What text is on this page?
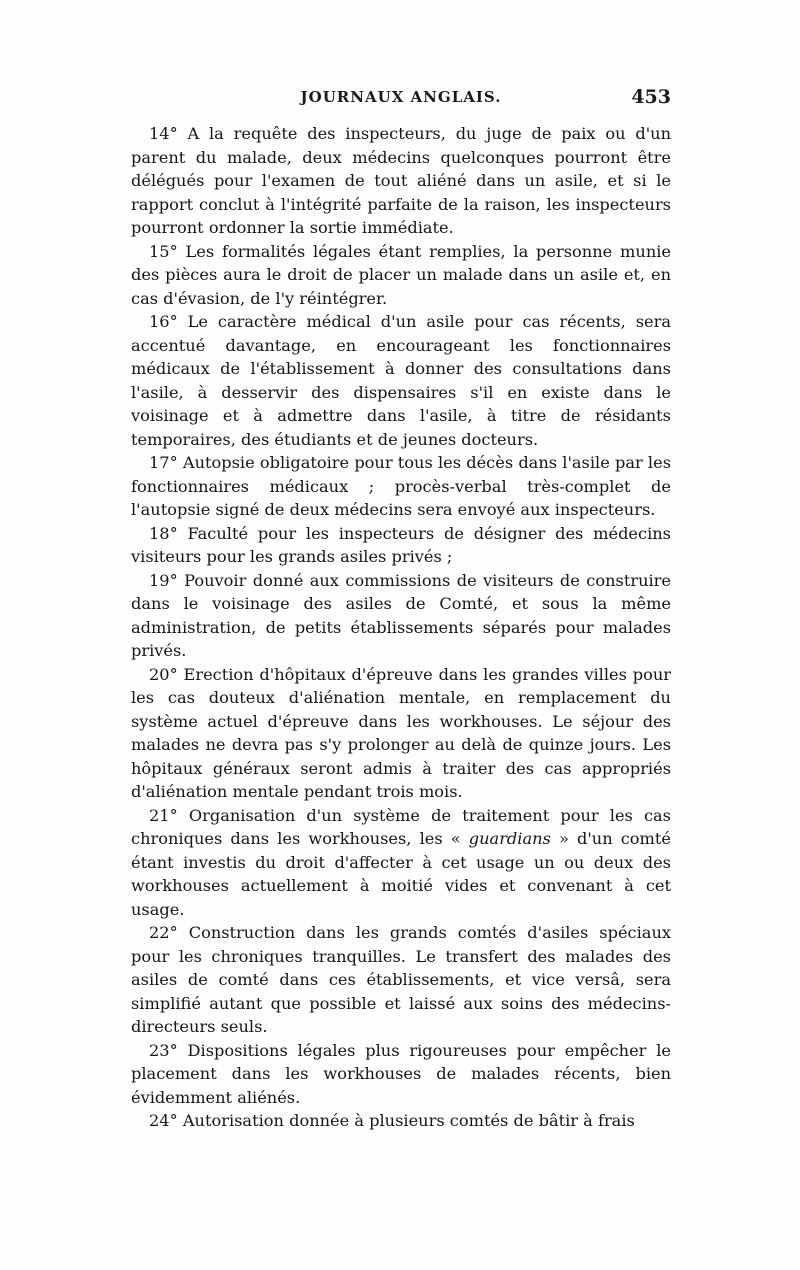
JOURNAUX ANGLAIS.	453

14° A la requête des inspecteurs, du juge de paix ou d'un parent du malade, deux médecins quelconques pourront être délégués pour l'examen de tout aliéné dans un asile, et si le rapport conclut à l'intégrité parfaite de la raison, les inspecteurs pourront ordonner la sortie immédiate.

15° Les formalités légales étant remplies, la personne munie des pièces aura le droit de placer un malade dans un asile et, en cas d'évasion, de l'y réintégrer.

16° Le caractère médical d'un asile pour cas récents, sera accentué davantage, en encourageant les fonctionnaires médicaux de l'établissement à donner des consultations dans l'asile, à desservir des dispensaires s'il en existe dans le voisinage et à admettre dans l'asile, à titre de résidants temporaires, des étudiants et de jeunes docteurs.

17° Autopsie obligatoire pour tous les décès dans l'asile par les fonctionnaires médicaux ; procès-verbal très-complet de l'autopsie signé de deux médecins sera envoyé aux inspecteurs.

18° Faculté pour les inspecteurs de désigner des médecins visiteurs pour les grands asiles privés ;

19° Pouvoir donné aux commissions de visiteurs de construire dans le voisinage des asiles de Comté, et sous la même administration, de petits établissements séparés pour malades privés.

20° Erection d'hôpitaux d'épreuve dans les grandes villes pour les cas douteux d'aliénation mentale, en remplacement du système actuel d'épreuve dans les workhouses. Le séjour des malades ne devra pas s'y prolonger au delà de quinze jours. Les hôpitaux généraux seront admis à traiter des cas appropriés d'aliénation mentale pendant trois mois.

21° Organisation d'un système de traitement pour les cas chroniques dans les workhouses, les « guardians » d'un comté étant investis du droit d'affecter à cet usage un ou deux des workhouses actuellement à moitié vides et convenant à cet usage.

22° Construction dans les grands comtés d'asiles spéciaux pour les chroniques tranquilles. Le transfert des malades des asiles de comté dans ces établissements, et vice versâ, sera simplifié autant que possible et laissé aux soins des médecins-directeurs seuls.

23° Dispositions légales plus rigoureuses pour empêcher le placement dans les workhouses de malades récents, bien évidemment aliénés.

24° Autorisation donnée à plusieurs comtés de bâtir à frais
